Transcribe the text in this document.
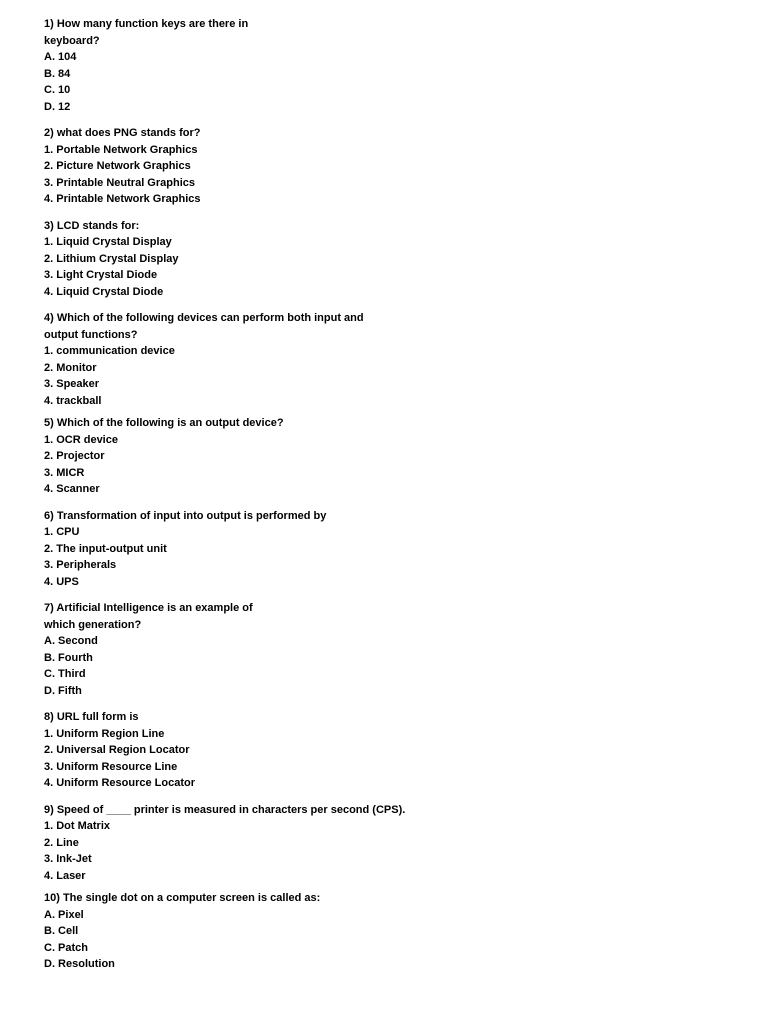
1) How many function keys are there in
keyboard?
A. 104
B. 84
C. 10
D. 12
2) what does PNG stands for?
1. Portable Network Graphics
2. Picture Network Graphics
3. Printable Neutral Graphics
4. Printable Network Graphics
3) LCD stands for:
1. Liquid Crystal Display
2. Lithium Crystal Display
3. Light Crystal Diode
4. Liquid Crystal Diode
4) Which of the following devices can perform both input and
output functions?
1. communication device
2. Monitor
3. Speaker
4. trackball
5) Which of the following is an output device?
1. OCR device
2. Projector
3. MICR
4. Scanner
6) Transformation of input into output is performed by
1. CPU
2. The input-output unit
3. Peripherals
4. UPS
7) Artificial Intelligence is an example of
which generation?
A. Second
B. Fourth
C. Third
D. Fifth
8) URL full form is
1. Uniform Region Line
2. Universal Region Locator
3. Uniform Resource Line
4. Uniform Resource Locator
9) Speed of ____ printer is measured in characters per second (CPS).
1. Dot Matrix
2. Line
3. Ink-Jet
4. Laser
10) The single dot on a computer screen is called as:
A. Pixel
B. Cell
C. Patch
D. Resolution
